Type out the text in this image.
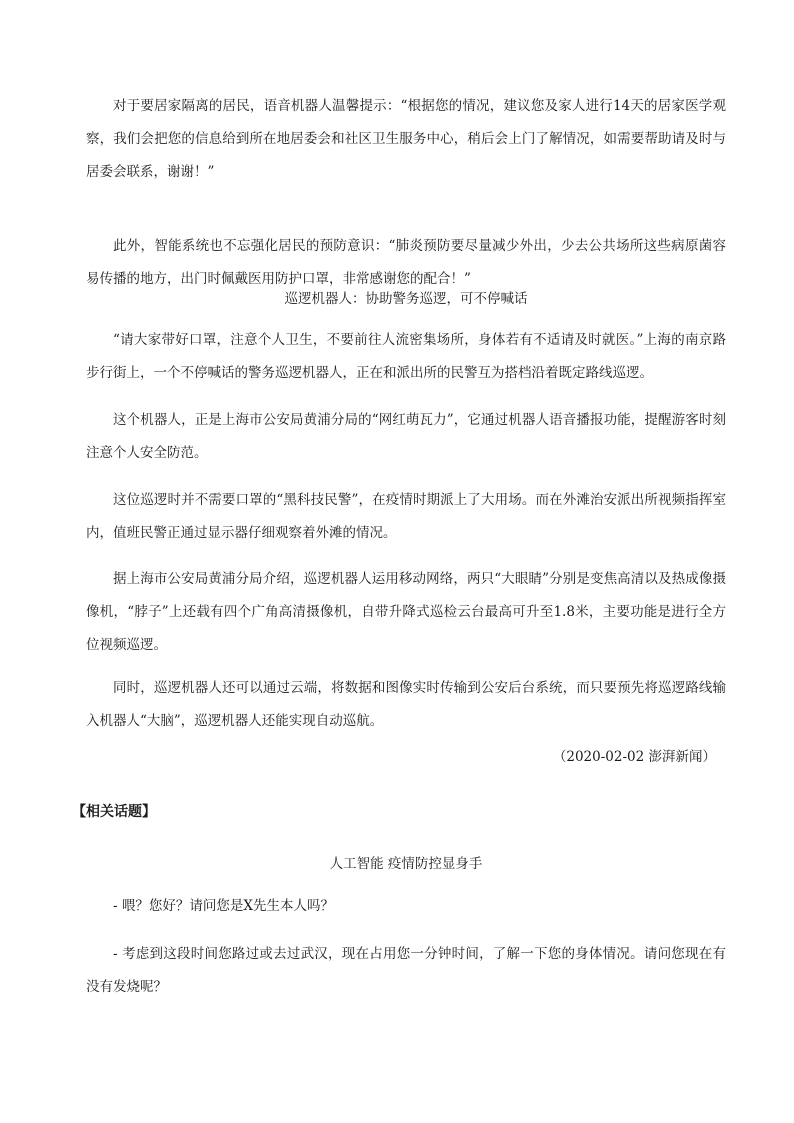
对于要居家隔离的居民，语音机器人温馨提示：“根据您的情况，建议您及家人进行14天的居家医学观察，我们会把您的信息给到所在地居委会和社区卫生服务中心，稍后会上门了解情况，如需要帮助请及时与居委会联系，谢谢！”

此外，智能系统也不忘强化居民的预防意识：“肺炎预防要尽量减少外出，少去公共场所这些病原菌容易传播的地方，出门时佩戴医用防护口罩，非常感谢您的配合！”

巡逻机器人：协助警务巡逻，可不停喊话

“请大家带好口罩，注意个人卫生，不要前往人流密集场所，身体若有不适请及时就医。”上海的南京路步行街上，一个不停喊话的警务巡逻机器人，正在和派出所的民警互为搭档沿着既定路线巡逻。

这个机器人，正是上海市公安局黄浦分局的“网红萌瓦力”，它通过机器人语音播报功能，提醒游客时刻注意个人安全防范。

这位巡逻时并不需要口罩的“黑科技民警”，在疫情时期派上了大用场。而在外滩治安派出所视频指挥室内，值班民警正通过显示器仔细观察着外滩的情况。

据上海市公安局黄浦分局介绍，巡逻机器人运用移动网络，两只“大眼睛”分别是变焦高清以及热成像摄像机，“脖子”上还载有四个广角高清摄像机，自带升降式巡检云台最高可升至1.8米，主要功能是进行全方位视频巡逻。

同时，巡逻机器人还可以通过云端，将数据和图像实时传输到公安后台系统，而只要预先将巡逻路线输入机器人“大脑”，巡逻机器人还能实现自动巡航。

（2020-02-02 澎湃新闻）

【相关话题】

人工智能 疫情防控显身手

- 喂？您好？请问您是X先生本人吗？

- 考虑到这段时间您路过或去过武汉，现在占用您一分钟时间，了解一下您的身体情况。请问您现在有没有发烧呢？
